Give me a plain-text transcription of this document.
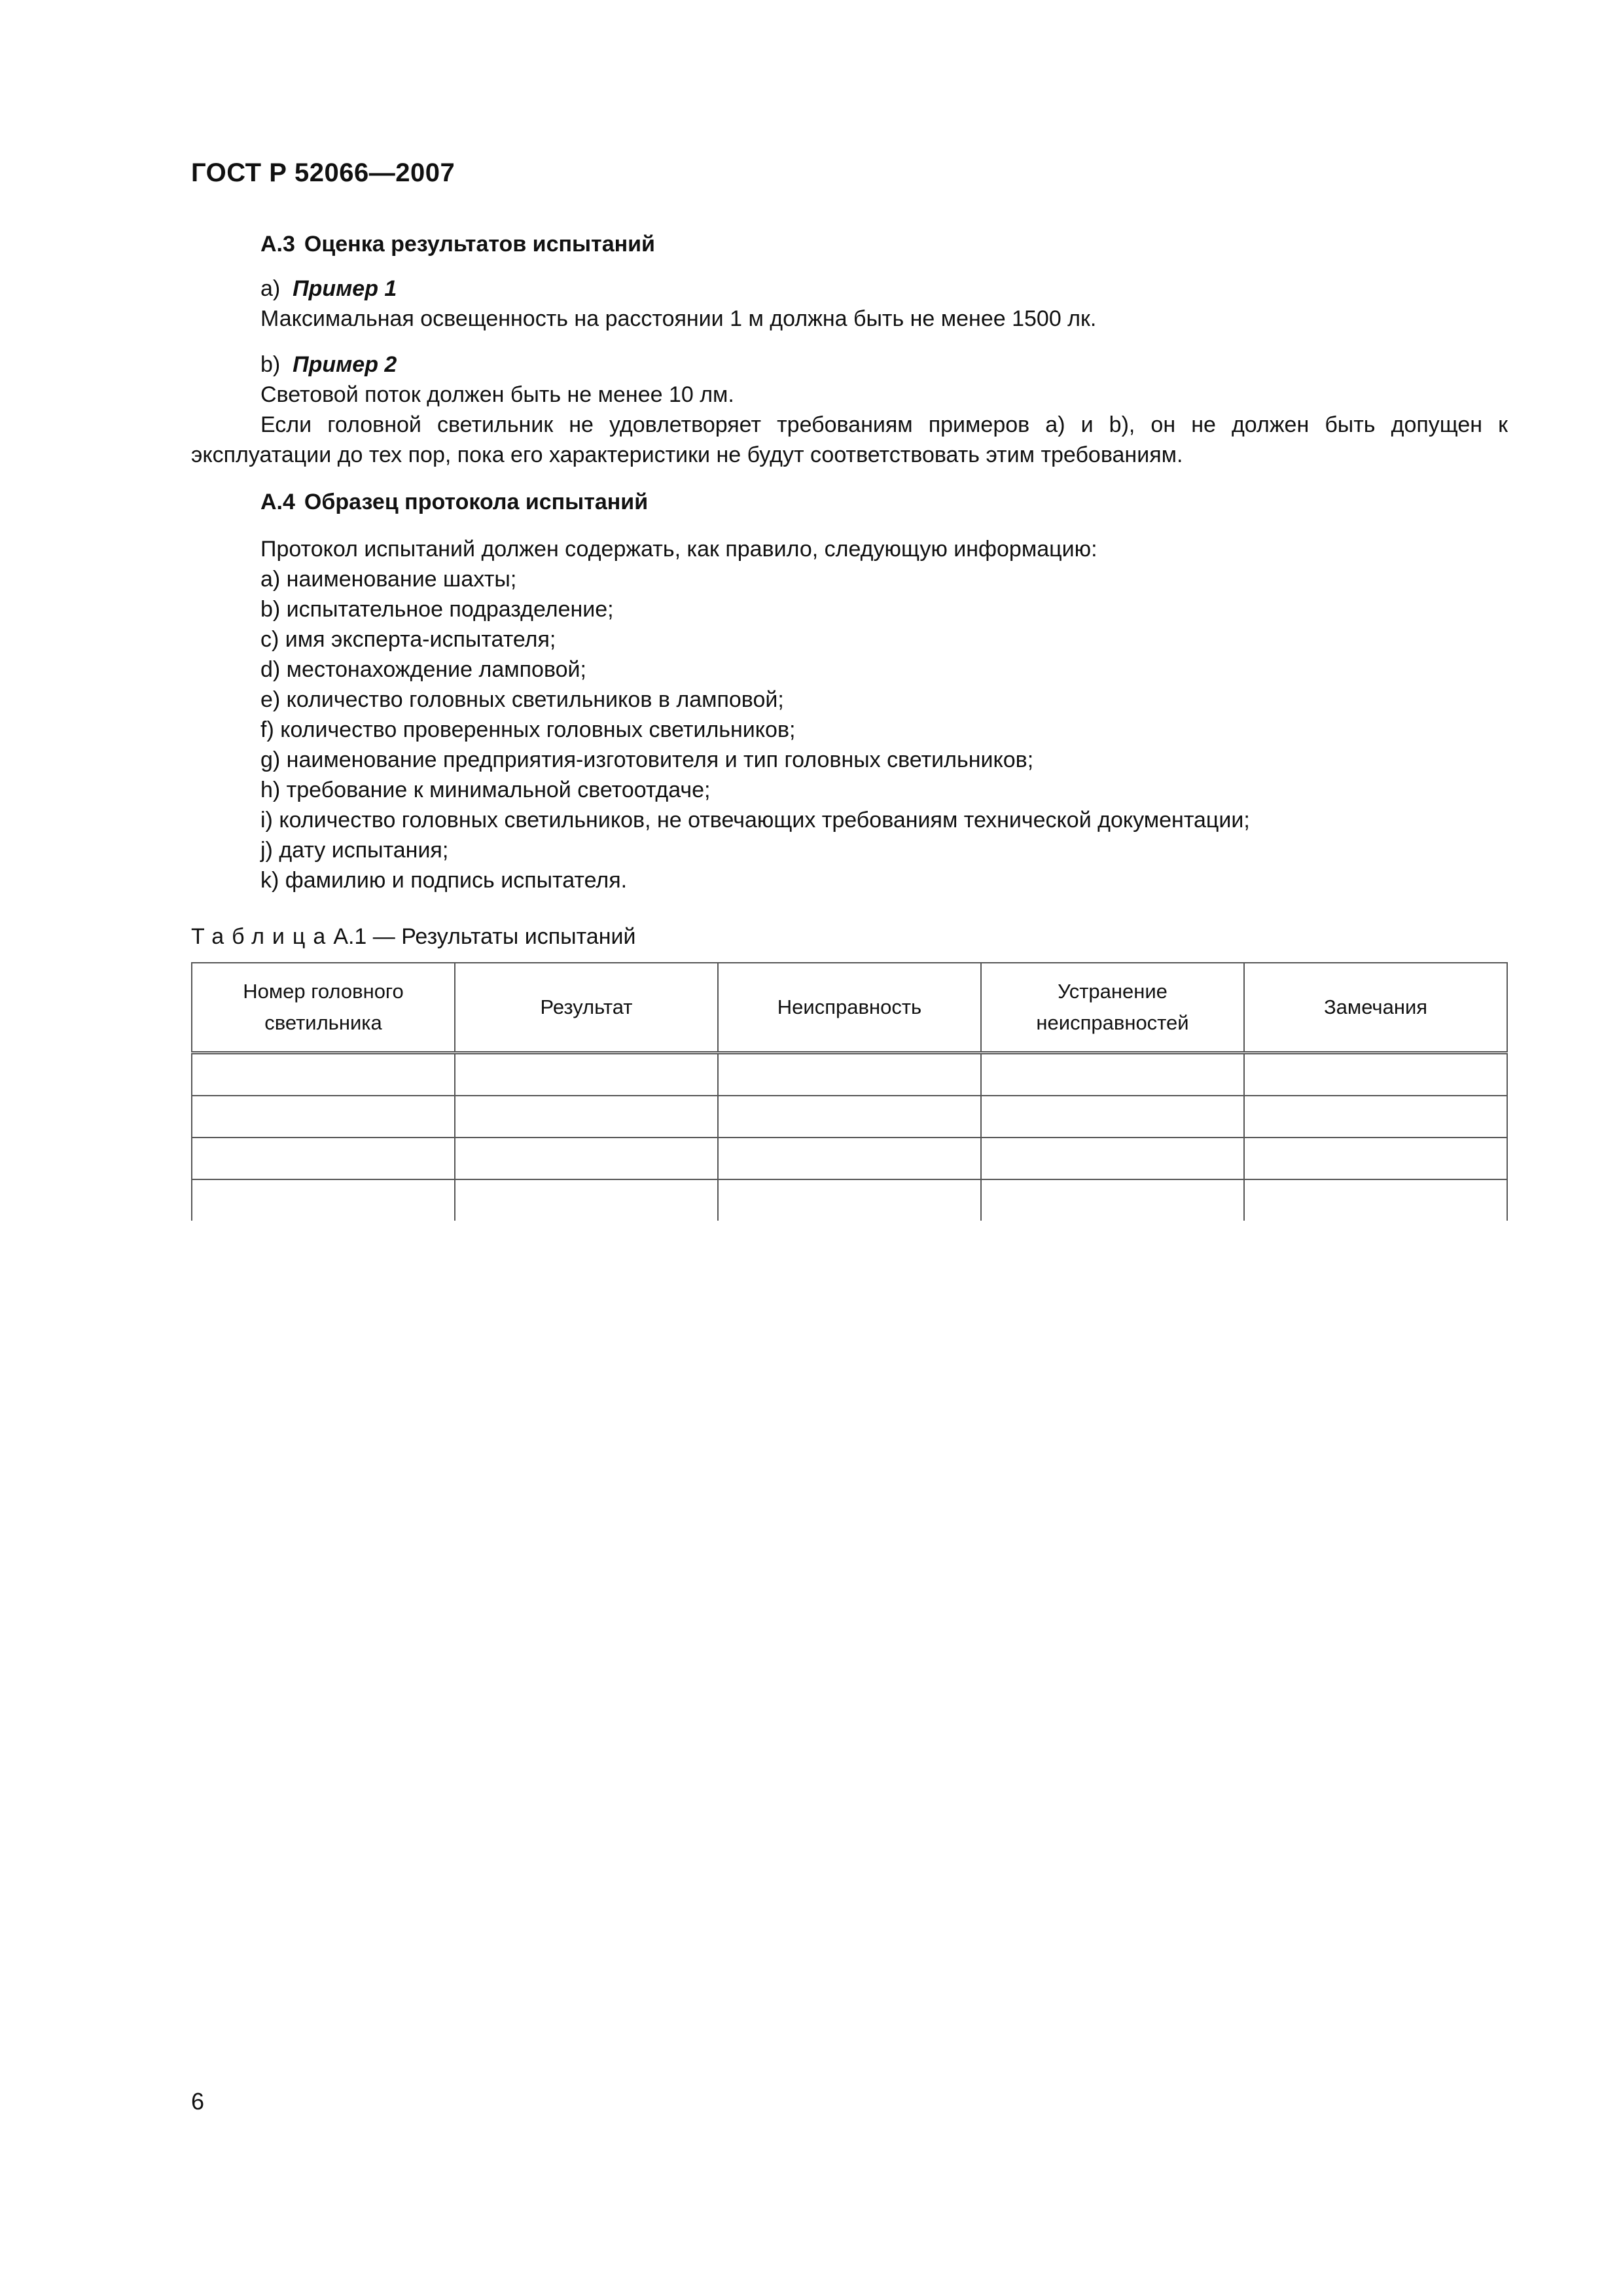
ГОСТ Р 52066—2007
А.3 Оценка результатов испытаний
a) Пример 1
Максимальная освещенность на расстоянии 1 м должна быть не менее 1500 лк.
b) Пример 2
Световой поток должен быть не менее 10 лм.
Если головной светильник не удовлетворяет требованиям примеров a) и b), он не должен быть допущен к эксплуатации до тех пор, пока его характеристики не будут соответствовать этим требованиям.
А.4 Образец протокола испытаний
Протокол испытаний должен содержать, как правило, следующую информацию:
a) наименование шахты;
b) испытательное подразделение;
c) имя эксперта-испытателя;
d) местонахождение ламповой;
e) количество головных светильников в ламповой;
f) количество проверенных головных светильников;
g) наименование предприятия-изготовителя и тип головных светильников;
h) требование к минимальной светоотдаче;
i) количество головных светильников, не отвечающих требованиям технической документации;
j) дату испытания;
k) фамилию и подпись испытателя.
ТаблицаА.1 — Результаты испытаний
Номер головного светильника	Результат	Неисправность	Устранение неисправностей	Замечания

6
